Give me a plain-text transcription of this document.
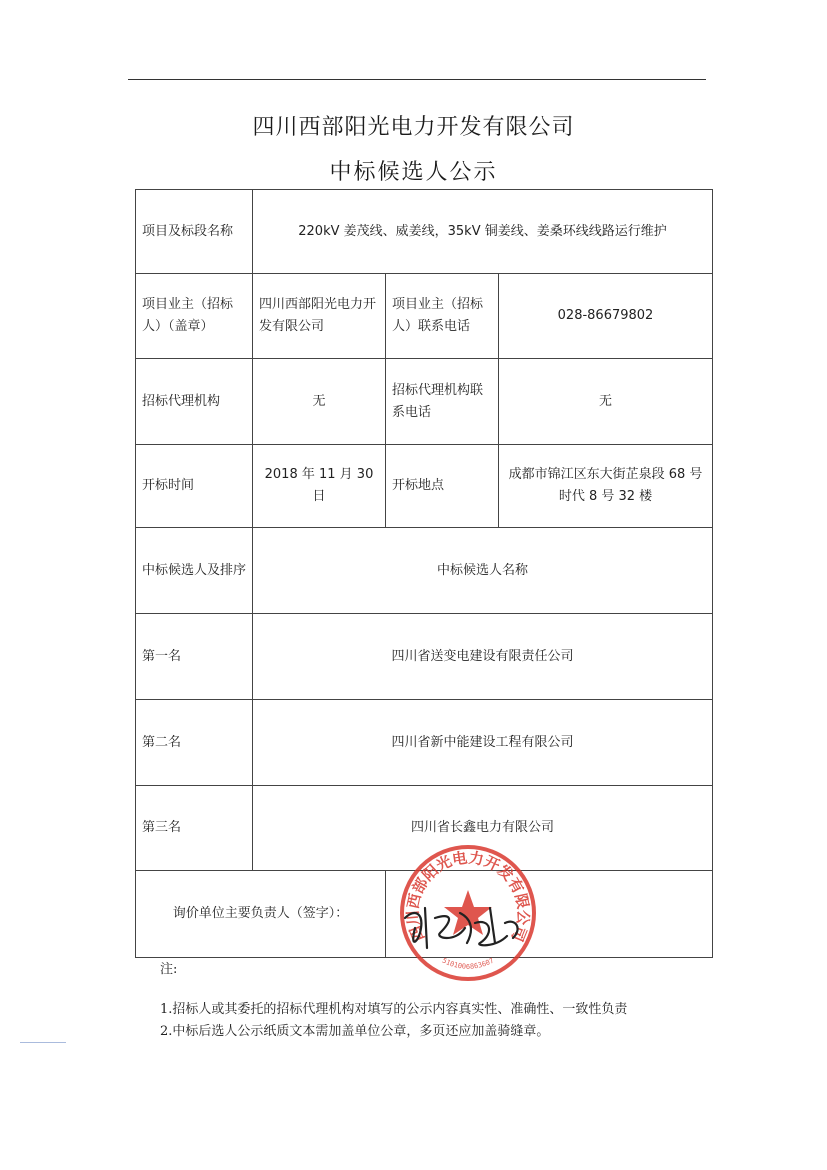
四川西部阳光电力开发有限公司
中标候选人公示
项目及标段名称	220kV 姜茂线、威姜线，35kV 铜姜线、姜桑环线线路运行维护		
项目业主（招标人）（盖章）	四川西部阳光电力开发有限公司	项目业主（招标人）联系电话	028-86679802
招标代理机构	无	招标代理机构联系电话	无
开标时间	2018 年 11 月 30 日	开标地点	成都市锦江区东大街芷泉段 68 号时代 8 号 32 楼
中标候选人及排序	中标候选人名称		
第一名	四川省送变电建设有限责任公司		
第二名	四川省新中能建设工程有限公司		
第三名	四川省长鑫电力有限公司		
询价单位主要负责人（签字）：			
四川西部阳光电力开发有限公司
5101006863607
注:
1.招标人或其委托的招标代理机构对填写的公示内容真实性、准确性、一致性负责
2.中标后选人公示纸质文本需加盖单位公章，多页还应加盖骑缝章。
